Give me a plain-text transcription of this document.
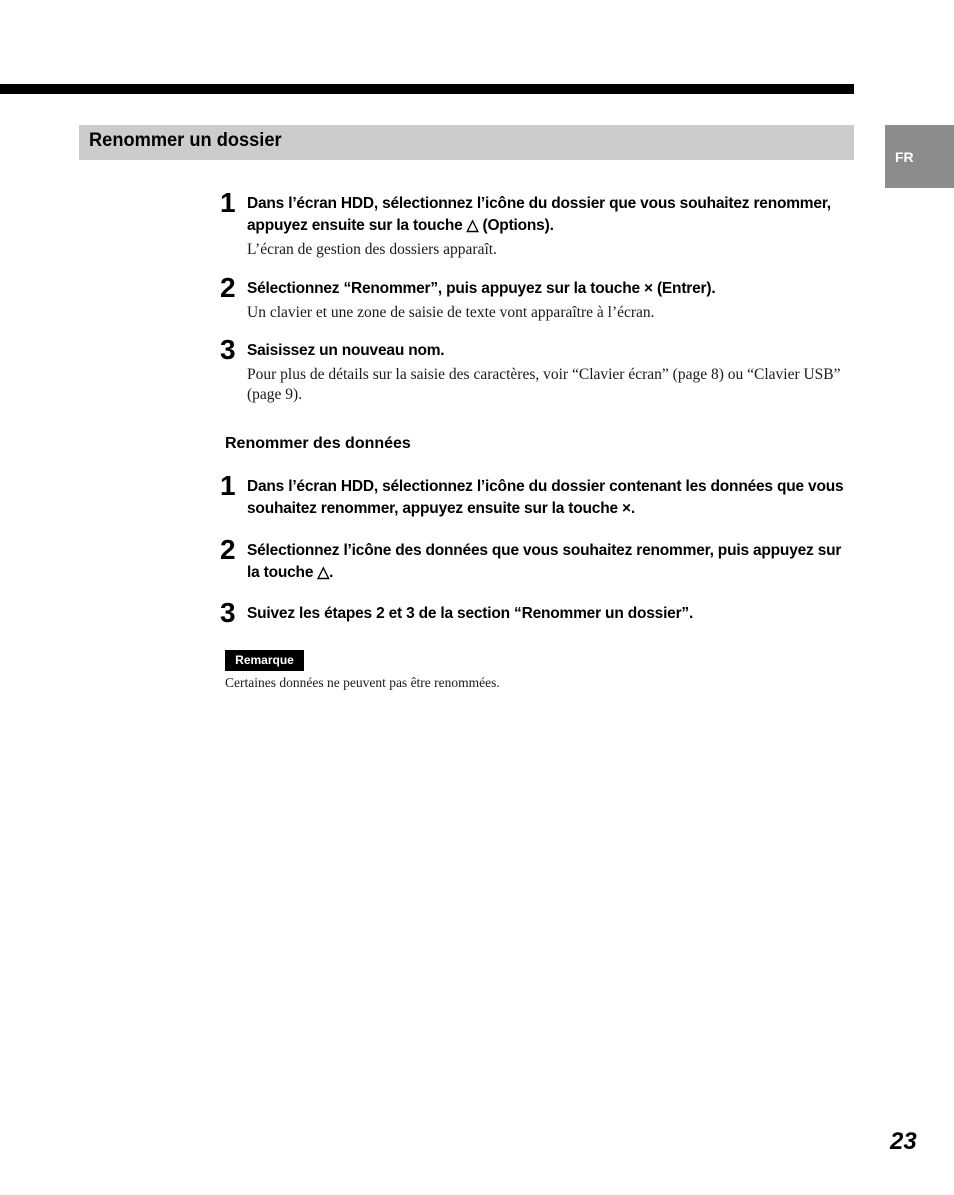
Renommer un dossier
FR
1 Dans l’écran HDD, sélectionnez l’icône du dossier que vous souhaitez renommer, appuyez ensuite sur la touche △ (Options).
L’écran de gestion des dossiers apparaît.
2 Sélectionnez “Renommer”, puis appuyez sur la touche × (Entrer).
Un clavier et une zone de saisie de texte vont apparaître à l’écran.
3 Saisissez un nouveau nom.
Pour plus de détails sur la saisie des caractères, voir “Clavier écran” (page 8) ou “Clavier USB” (page 9).
Renommer des données
1 Dans l’écran HDD, sélectionnez l’icône du dossier contenant les données que vous souhaitez renommer, appuyez ensuite sur la touche ×.
2 Sélectionnez l’icône des données que vous souhaitez renommer, puis appuyez sur la touche △.
3 Suivez les étapes 2 et 3 de la section “Renommer un dossier”.
Remarque
Certaines données ne peuvent pas être renommées.
23
